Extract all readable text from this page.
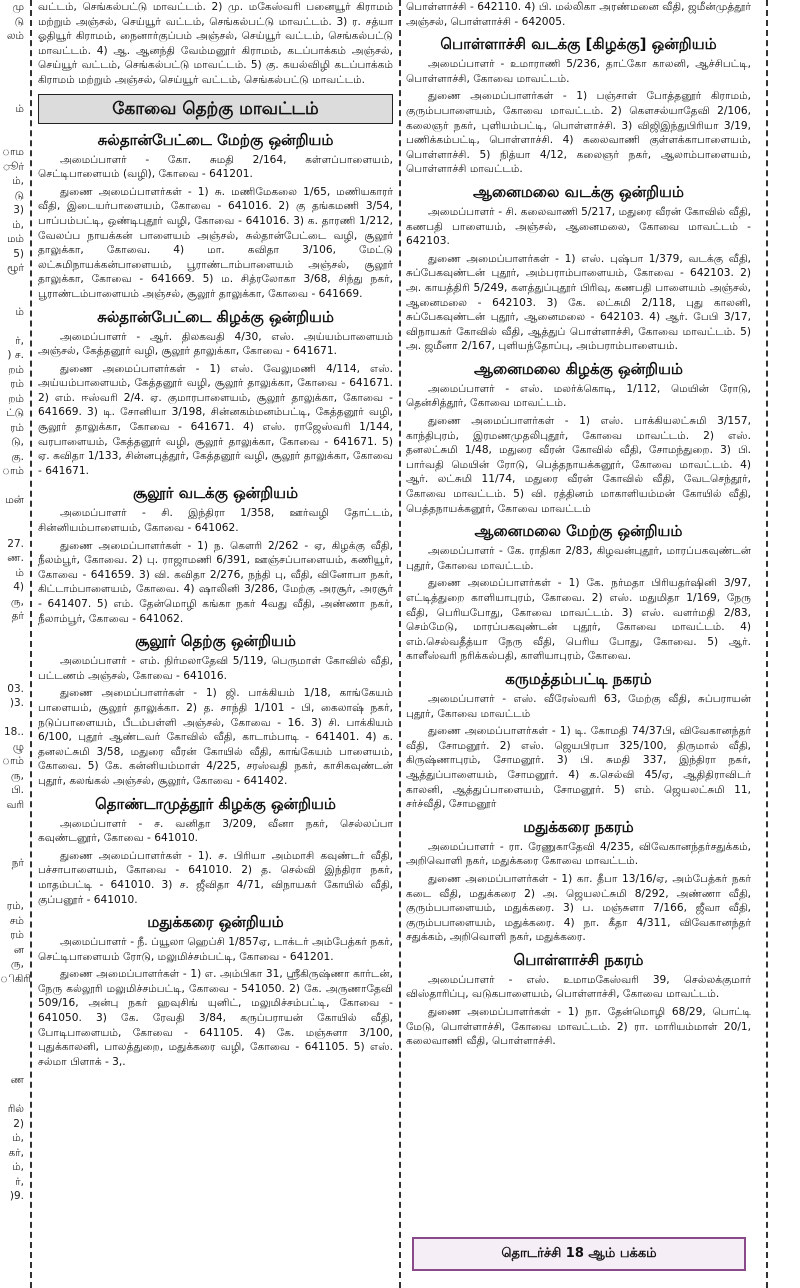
மு
டு
லம்

ம்

ாம
ூர்
ம்,
டு
3)
ம்,
மம்
5)
ழூர்

ம்

ர்,
) ச.
றம்
ரம்
றம்
ட்டு
ரம்
டு,
கு.
ாம்

மன்

27.
ண.
ம்
4)
ரு,
தர்

03.
)3.

18..
ழு
ாம்
ரு,
பி.
வரி

நர்

ரம்,
சம்
ரம்
ன
ரு,
ிகிரி

ண

ரில்
2)
ம்,
கர்,
ம்,
ர்,
)9.

வட்டம், செங்கல்பட்டு மாவட்டம். 2) மு. மகேஸ்வரி பனையூர் கிராமம் மற்றும் அஞ்சல், செய்யூர் வட்டம், செங்கல்பட்டு மாவட்டம். 3) ர. சத்யா ஓதியூர் கிராமம், நைனார்குப்பம் அஞ்சல், செய்யூர் வட்டம், செங்கல்பட்டு மாவட்டம். 4) ஆ. ஆனந்தி வேம்மனூர் கிராமம், கடப்பாக்கம் அஞ்சல், செய்யூர் வட்டம், செங்கல்பட்டு மாவட்டம். 5) கு. கயல்விழி கடப்பாக்கம் கிராமம் மற்றும் அஞ்சல், செய்யூர் வட்டம், செங்கல்பட்டு மாவட்டம்.

கோவை தெற்கு மாவட்டம்
சுல்தான்பேட்டை மேற்கு ஒன்றியம்

அமைப்பாளர் - கோ. சுமதி 2/164, கள்ளப்பாளையம், செட்டிபாளையம் (வழி), கோவை - 641201.

துணை அமைப்பாளர்கள் - 1) சு. மணிமேகலை 1/65, மணியகாரர் வீதி, இடையர்பாளையம், கோவை - 641016. 2) கு தங்கமணி 3/54, பாப்பம்பட்டி, ஒண்டிபுதூர் வழி, கோவை - 641016. 3) க. தாரணி 1/212, வேலப்ப நாயக்கன் பாளையம் அஞ்சல், சுல்தான்பேட்டை வழி, சூலூர் தாலுக்கா, கோவை. 4) மா. கவிதா 3/106, மேட்டு லட்சுமிநாயக்கன்பாளையம், பூராண்டாம்பாளையம் அஞ்சல், சூலூர் தாலுக்கா, கோவை - 641669. 5) ம. சித்ரலோகா 3/68, சிந்து நகர், பூராண்டம்பாளையம் அஞ்சல், சூலூர் தாலுக்கா, கோவை - 641669.

சுல்தான்பேட்டை கிழக்கு ஒன்றியம்

அமைப்பாளர் - ஆர். திலகவதி 4/30, எஸ். அய்யம்பாளையம் அஞ்சல், கேத்தனூர் வழி, சூலூர் தாலுக்கா, கோவை - 641671.

துணை அமைப்பாளர்கள் - 1) எஸ். வேலுமணி 4/114, எஸ். அய்யம்பாளையம், கேத்தனூர் வழி, சூலூர் தாலுக்கா, கோவை - 641671. 2) எம். ஈஸ்வரி 2/4. ஏ. குமாரபாளையம், சூலூர் தாலுக்கா, கோவை - 641669. 3) டி. சோனியா 3/198, சின்னகம்மனம்பட்டி, கேத்தனூர் வழி, சூலூர் தாலுக்கா, கோவை - 641671. 4) எஸ். ராஜேஸ்வரி 1/144, வரபாளையம், கேத்தனூர் வழி, சூலூர் தாலுக்கா, கோவை - 641671. 5) ஏ. கவிதா 1/133, சின்னபுத்தூர், கேத்தனூர் வழி, சூலூர் தாலுக்கா, கோவை - 641671.

சூலூர் வடக்கு ஒன்றியம்

அமைப்பாளர் - சி. இந்திரா 1/358, ஊர்வழி தோட்டம், சின்னியம்பாளையம், கோவை - 641062.

துணை அமைப்பாளர்கள் - 1) ந. கௌரி 2/262 - ஏ, கிழக்கு வீதி, நீலம்பூர், கோவை. 2) பு. ராஜாமணி 6/391, ஊஞ்சப்பாளையம், கணியூர், கோவை - 641659. 3) வி. கவிதா 2/276, நந்தி பு, வீதி, வினோபா நகர், கிட்டாம்பாளையம், கோவை. 4) ஷாலினி 3/286, மேற்கு அரசூர், அரசூர் - 641407. 5) எம். தேன்மொழி கங்கா நகர் 4வது வீதி, அண்ணா நகர், நீலாம்பூர், கோவை - 641062.

சூலூர் தெற்கு ஒன்றியம்

அமைப்பாளர் - எம். நிர்மலாதேவி 5/119, பெருமாள் கோவில் வீதி, பட்டணம் அஞ்சல், கோவை - 641016.

துணை அமைப்பாளர்கள் - 1) ஜி. பாக்கியம் 1/18, காங்கேயம் பாளையம், சூலூர் தாலுக்கா. 2) த. சாந்தி 1/101 - பி, கைலாஷ் நகர், நடுப்பாளையம், பீடம்பள்ளி அஞ்சல், கோவை - 16. 3) சி. பாக்கியம் 6/100, புதூர் ஆண்டவர் கோவில் வீதி, காடாம்பாடி - 641401. 4) க. தனலட்சுமி 3/58, மதுரை வீரன் கோயில் வீதி, காங்கேயம் பாளையம், கோவை. 5) கே. கன்னியம்மாள் 4/225, சரஸ்வதி நகர், காசிகவுண்டன் புதூர், கலங்கல் அஞ்சல், சூலூர், கோவை - 641402.

தொண்டாமுத்தூர் கிழக்கு ஒன்றியம்

அமைப்பாளர் - ச. வனிதா 3/209, வீனா நகர், செல்லப்பா கவுண்டனூர், கோவை - 641010.

துணை அமைப்பாளர்கள் - 1). ச. பிரியா அம்மாசி கவுண்டர் வீதி, பச்சாபாளையம், கோவை - 641010. 2) த. செல்வி இந்திரா நகர், மாதம்பட்டி - 641010. 3) ச. ஜீவிதா 4/71, விநாயகர் கோயில் வீதி, குப்பனூர் - 641010.

மதுக்கரை ஒன்றியம்

அமைப்பாளர் - நீ. ப்யூலா ஹெப்சி 1/857ஏ, டாக்டர் அம்பேத்கர் நகர், செட்டிபாளையம் ரோடு, மலுமிச்சம்பட்டி, கோவை - 641201.

துணை அமைப்பாளர்கள் - 1) எ. அம்பிகா 31, ஸ்ரீகிருஷ்ணா கார்டன், நேரு கல்லூரி மலுமிச்சம்பட்டி, கோவை - 541050. 2) கே. அருணாதேவி 509/16, அன்பு நகர் ஹவுசிங் யுனிட், மலுமிச்சம்பட்டி, கோவை - 641050. 3) கே. ரேவதி 3/84, கருப்பராயன் கோயில் வீதி, போடிபாளையம், கோவை - 641105. 4) கே. மஞ்சுளா 3/100, புதுக்காலனி, பாலத்துறை, மதுக்கரை வழி, கோவை - 641105. 5) எஸ். சல்மா பிளாக் - 3,.

பொள்ளாச்சி - 642110. 4) பி. மல்லிகா அரண்மனை வீதி, ஜமீன்முத்தூர் அஞ்சல், பொள்ளாச்சி - 642005.

பொள்ளாச்சி வடக்கு [கிழக்கு] ஒன்றியம்

அமைப்பாளர் - உமாராணி 5/236, தாட்கோ காலனி, ஆச்சிபட்டி, பொள்ளாச்சி, கோவை மாவட்டம்.

துணை அமைப்பாளர்கள் - 1) பஞ்சாள் போத்தனூர் கிராமம், குரும்பபாளையம், கோவை மாவட்டம். 2) கௌசல்யாதேவி 2/106, கலைஞர் நகர், புளியம்பட்டி, பொள்ளாச்சி. 3) விஜிஇந்துபிரியா 3/19, பணிக்கம்பட்டி, பொள்ளாச்சி. 4) கலைவாணி குள்ளக்காபாளையம், பொள்ளாச்சி. 5) நித்யா 4/12, கலைஞர் நகர், ஆலாம்பாளையம், பொள்ளாச்சி மாவட்டம்.

ஆனைமலை வடக்கு ஒன்றியம்

அமைப்பாளர் - சி. கலைவாணி 5/217, மதுரை வீரன் கோவில் வீதி, கணபதி பாளையம், அஞ்சல், ஆனைமலை, கோவை மாவட்டம் - 642103.

துணை அமைப்பாளர்கள் - 1) எஸ். புஷ்பா 1/379, வடக்கு வீதி, சுப்பேகவுண்டன் புதூர், அம்பராம்பாளையம், கோவை - 642103. 2) அ. காயத்திரி 5/249, களத்துப்புதூர் பிரிவு, கணபதி பாளையம் அஞ்சல், ஆனைமலை - 642103. 3) கே. லட்சுமி 2/118, புது காலனி, சுப்பேகவுண்டன் புதூர், ஆனைமலை - 642103. 4) ஆர். பேபி 3/17, விநாயகர் கோவில் வீதி, ஆத்துப் பொள்ளாச்சி, கோவை மாவட்டம். 5) அ. ஜமீனா 2/167, புளியந்தோப்பு, அம்பராம்பாளையம்.

ஆனைமலை கிழக்கு ஒன்றியம்

அமைப்பாளர் - எஸ். மலர்க்கொடி, 1/112, மெயின் ரோடு, தென்சித்தூர், கோவை மாவட்டம்.

துணை அமைப்பாளர்கள் - 1) எஸ். பாக்கியலட்சுமி 3/157, காந்திபுரம், இரமணமுதலிபுதூர், கோவை மாவட்டம். 2) எஸ். தனலட்சுமி 1/48, மதுரை வீரன் கோவில் வீதி, சோமந்துறை. 3) பி. பார்வதி மெயின் ரோடு, பெத்தநாயக்கனூர், கோவை மாவட்டம். 4) ஆர். லட்சுமி 11/74, மதுரை வீரன் கோவில் வீதி, வேடசெந்தூர், கோவை மாவட்டம். 5) வி. ரத்தினம் மாகாளியம்மன் கோயில் வீதி, பெத்தநாயக்கனூர், கோவை மாவட்டம்

ஆனைமலை மேற்கு ஒன்றியம்

அமைப்பாளர் - கே. ராதிகா 2/83, கிழவன்புதூர், மாரப்பகவுண்டன் புதூர், கோவை மாவட்டம்.

துணை அமைப்பாளர்கள் - 1) கே. நர்மதா பிரியதர்ஷினி 3/97, எட்டித்துறை காளியாபுரம், கோவை. 2) எஸ். மதுமிதா 1/169, நேரு வீதி, பெரியபோது, கோவை மாவட்டம். 3) எஸ். வளர்மதி 2/83, செம்மேடு, மாரப்பகவுண்டன் புதூர், கோவை மாவட்டம். 4) எம்.செல்வதீத்யா நேரு வீதி, பெரிய போது, கோவை. 5) ஆர். காளீஸ்வரி நரிக்கல்பதி, காளியாபுரம், கோவை.

கருமத்தம்பட்டி நகரம்

அமைப்பாளர் - எஸ். வீரேஸ்வரி 63, மேற்கு வீதி, சுப்பராயன் புதூர், கோவை மாவட்டம்

துணை அமைப்பாளர்கள் - 1) டி. கோமதி 74/37பி, விவேகானந்தர் வீதி, சோமனூர். 2) எஸ். ஜெயபிரபா 325/100, திருமால் வீதி, கிருஷ்ணாபுரம், சோமனூர். 3) பி. சுமதி 337, இந்திரா நகர், ஆத்துப்பாளையம், சோமனூர். 4) க.செல்வி 45/ஏ, ஆதிதிராவிடர் காலனி, ஆத்துப்பாளையம், சோமனூர். 5) எம். ஜெயலட்சுமி 11, சர்ச்வீதி, சோமனூர்

மதுக்கரை நகரம்

அமைப்பாளர் - ரா. ரேணுகாதேவி 4/235, விவேகானந்தர்சதுக்கம், அறிவொளி நகர், மதுக்கரை கோவை மாவட்டம்.

துணை அமைப்பாளர்கள் - 1) கா. தீபா 13/16/ஏ, அம்பேத்கர் நகர் கடை வீதி, மதுக்கரை 2) அ. ஜெயலட்சுமி 8/292, அண்ணா வீதி, குரும்பபாளையம், மதுக்கரை. 3) ப. மஞ்சுளா 7/166, ஜீவா வீதி, குரும்பபாளையம், மதுக்கரை. 4) நா. கீதா 4/311, விவேகானந்தர் சதுக்கம், அறிவொளி நகர், மதுக்கரை.

பொள்ளாச்சி நகரம்

அமைப்பாளர் - எஸ். உமாமகேஸ்வரி 39, செல்லக்குமார் விஸ்தாரிப்பு, வடுகபாளையம், பொள்ளாச்சி, கோவை மாவட்டம்.

துணை அமைப்பாளர்கள் - 1) நா. தேன்மொழி 68/29, பொட்டி மேடு, பொள்ளாச்சி, கோவை மாவட்டம். 2) ரா. மாரியம்மாள் 20/1, கலைவாணி வீதி, பொள்ளாச்சி.

தொடர்ச்சி 18 ஆம் பக்கம்
